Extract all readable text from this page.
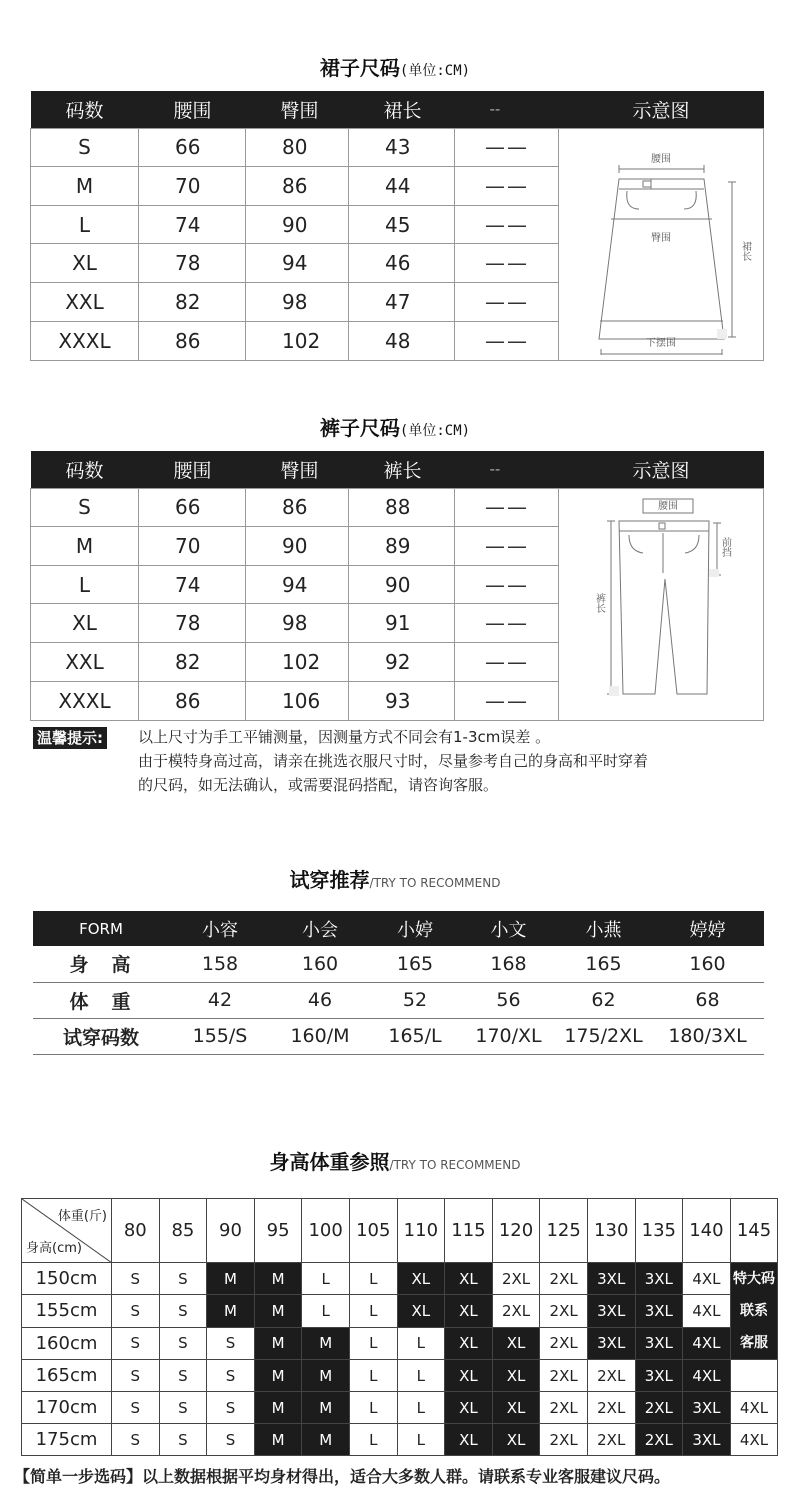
裙子尺码(单位:CM)
码数	腰围	臀围	裙长	--	示意图
S	66	80	43	——	腰围
臀围
下摆围
裙长

M	70	86	44	——	
L	74	90	45	——	
XL	78	94	46	——	
XXL	82	98	47	——	
XXXL	86	102	48	——	
裤子尺码(单位:CM)
码数	腰围	臀围	裤长	--	示意图
S	66	86	88	——	腰围
前挡
裤长

M	70	90	89	——	
L	74	94	90	——	
XL	78	98	91	——	
XXL	82	102	92	——	
XXXL	86	106	93	——	
温馨提示: 以上尺寸为手工平铺测量，因测量方式不同会有1-3cm误差 。
由于模特身高过高，请亲在挑选衣服尺寸时，尽量参考自己的身高和平时穿着
的尺码，如无法确认，或需要混码搭配，请咨询客服。
试穿推荐/TRY TO RECOMMEND
FORM	小容	小会	小婷	小文	小燕	婷婷
身　高	158	160	165	168	165	160
体　重	42	46	52	56	62	68
试穿码数	155/S	160/M	165/L	170/XL	175/2XL	180/3XL
身高体重参照/TRY TO RECOMMEND
体重(斤)
身高(cm)	80	85	90	95	100	105	110	115	120	125	130	135	140	145
150cm	S	S	M	M	L	L	XL	XL	2XL	2XL	3XL	3XL	4XL	特大码
联系
客服

155cm	S	S	M	M	L	L	XL	XL	2XL	2XL	3XL	3XL	4XL	
160cm	S	S	S	M	M	L	L	XL	XL	2XL	3XL	3XL	4XL	
165cm	S	S	S	M	M	L	L	XL	XL	2XL	2XL	3XL	4XL	
170cm	S	S	S	M	M	L	L	XL	XL	2XL	2XL	2XL	3XL	4XL
175cm	S	S	S	M	M	L	L	XL	XL	2XL	2XL	2XL	3XL	4XL
【简单一步选码】以上数据根据平均身材得出，适合大多数人群。请联系专业客服建议尺码。
